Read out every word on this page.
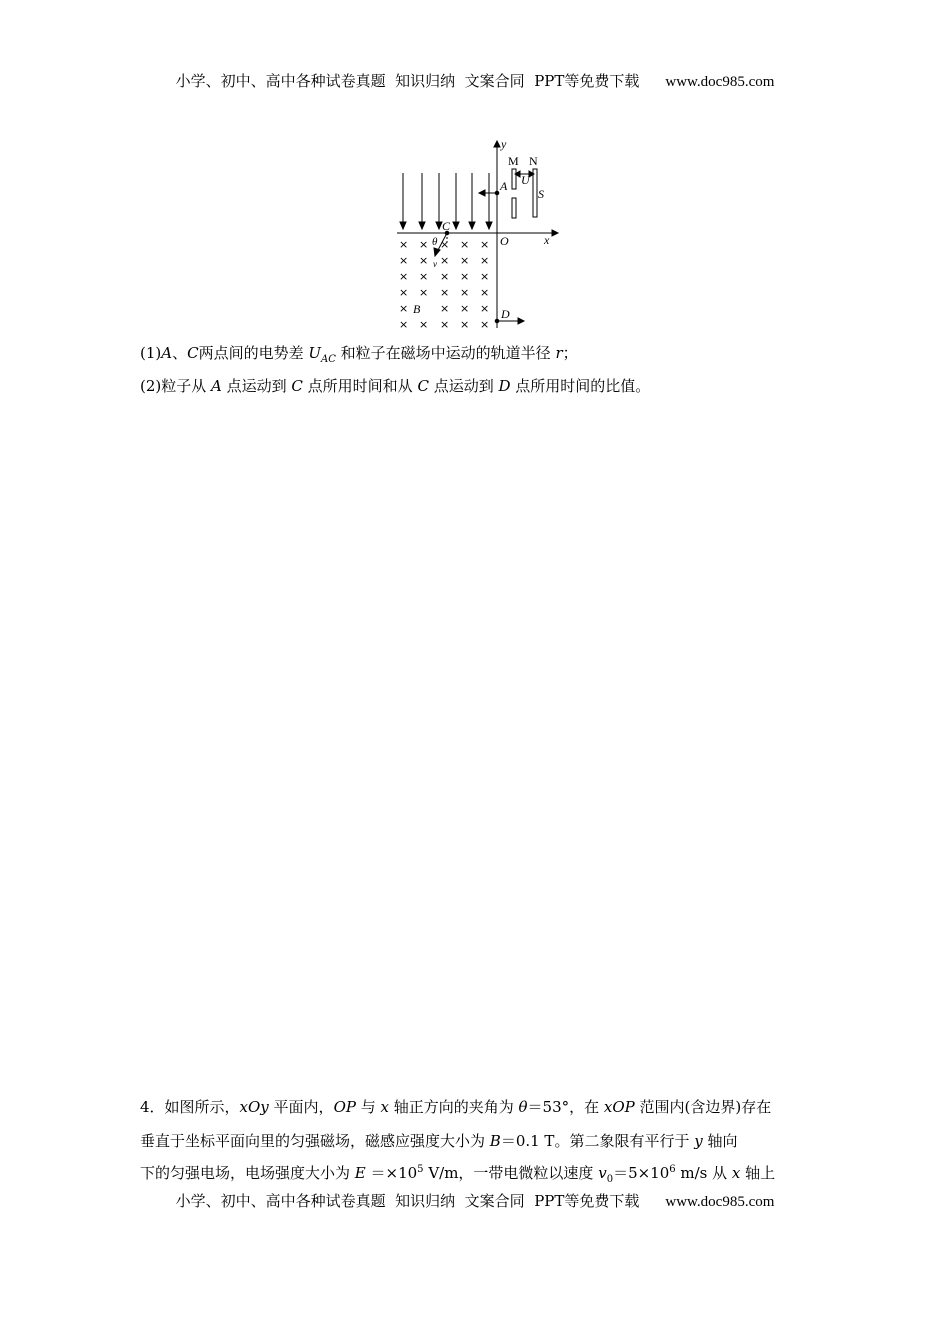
小学、初中、高中各种试卷真题  知识归纳  文案合同  PPT等免费下载 www.doc985.com
× × × × ×
× × × × ×
× × × × ×
× × × × ×
×	× × ×
× × × × ×
y
x
O
A
S
U
C
θ
v
B	D
M N
(1)A、C两点间的电势差 $U_{AC}$ 和粒子在磁场中运动的轨道半径 r；
(2)粒子从 A 点运动到 C 点所用时间和从 C 点运动到 D 点所用时间的比值。
4．如图所示，xOy 平面内，OP 与 x 轴正方向的夹角为 θ＝53°，在 xOP 范围内(含边界)存在
垂直于坐标平面向里的匀强磁场，磁感应强度大小为 B＝0.1 T。第二象限有平行于 y 轴向
下的匀强电场，电场强度大小为 $E =\times 10^5$ V/m，一带电微粒以速度 $v_0=5\times 10^6$ m/s 从 x 轴上
小学、初中、高中各种试卷真题  知识归纳  文案合同  PPT等免费下载 www.doc985.com
